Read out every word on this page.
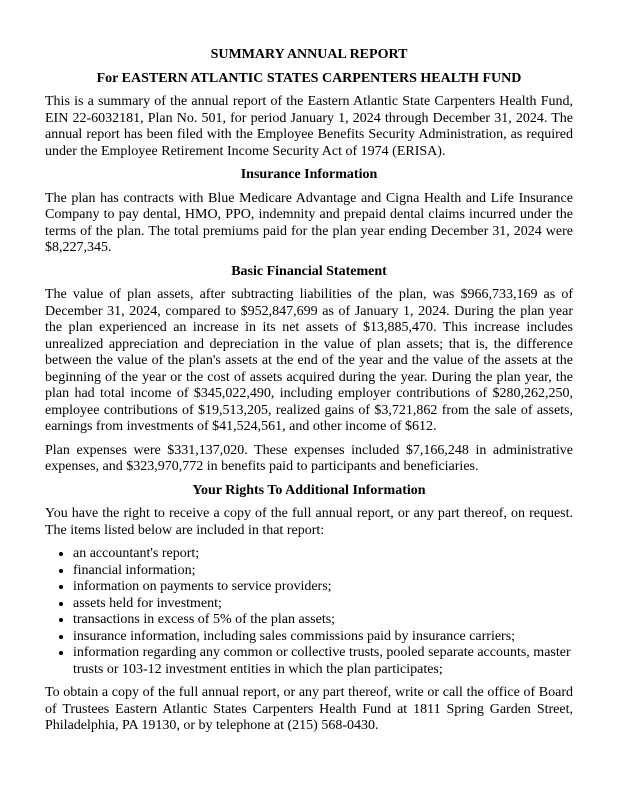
SUMMARY ANNUAL REPORT
For EASTERN ATLANTIC STATES CARPENTERS HEALTH FUND

This is a summary of the annual report of the Eastern Atlantic State Carpenters Health Fund, EIN 22-6032181, Plan No. 501, for period January 1, 2024 through December 31, 2024. The annual report has been filed with the Employee Benefits Security Administration, as required under the Employee Retirement Income Security Act of 1974 (ERISA).

Insurance Information

The plan has contracts with Blue Medicare Advantage and Cigna Health and Life Insurance Company to pay dental, HMO, PPO, indemnity and prepaid dental claims incurred under the terms of the plan. The total premiums paid for the plan year ending December 31, 2024 were $8,227,345.

Basic Financial Statement

The value of plan assets, after subtracting liabilities of the plan, was $966,733,169 as of December 31, 2024, compared to $952,847,699 as of January 1, 2024. During the plan year the plan experienced an increase in its net assets of $13,885,470. This increase includes unrealized appreciation and depreciation in the value of plan assets; that is, the difference between the value of the plan's assets at the end of the year and the value of the assets at the beginning of the year or the cost of assets acquired during the year. During the plan year, the plan had total income of $345,022,490, including employer contributions of $280,262,250, employee contributions of $19,513,205, realized gains of $3,721,862 from the sale of assets, earnings from investments of $41,524,561, and other income of $612.

Plan expenses were $331,137,020. These expenses included $7,166,248 in administrative expenses, and $323,970,772 in benefits paid to participants and beneficiaries.

Your Rights To Additional Information

You have the right to receive a copy of the full annual report, or any part thereof, on request. The items listed below are included in that report:

• an accountant's report;
• financial information;
• information on payments to service providers;
• assets held for investment;
• transactions in excess of 5% of the plan assets;
• insurance information, including sales commissions paid by insurance carriers;
• information regarding any common or collective trusts, pooled separate accounts, master trusts or 103-12 investment entities in which the plan participates;

To obtain a copy of the full annual report, or any part thereof, write or call the office of Board of Trustees Eastern Atlantic States Carpenters Health Fund at 1811 Spring Garden Street, Philadelphia, PA 19130, or by telephone at (215) 568-0430.
